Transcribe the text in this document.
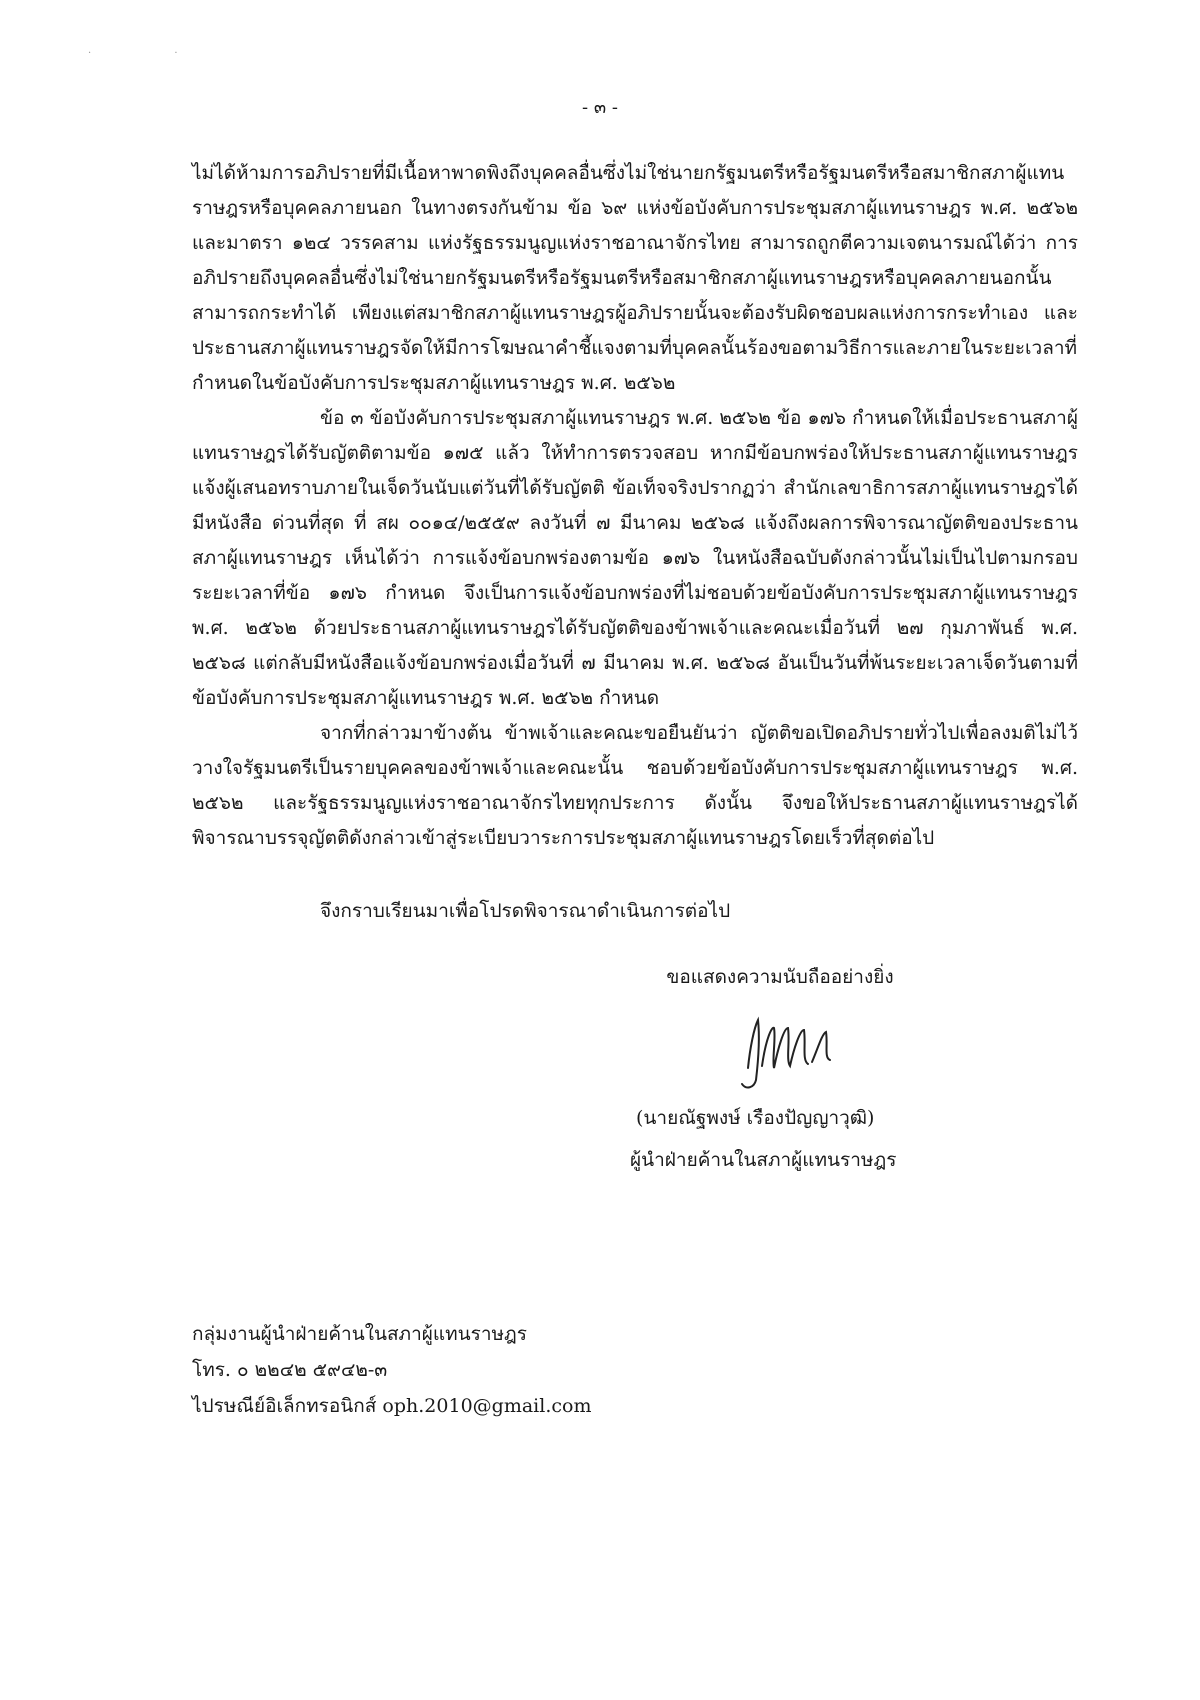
· ·
- ๓ -

ไม่ได้ห้ามการอภิปรายที่มีเนื้อหาพาดพิงถึงบุคคลอื่นซึ่งไม่ใช่นายกรัฐมนตรีหรือรัฐมนตรีหรือสมาชิกสภาผู้แทนราษฎรหรือบุคคลภายนอก ในทางตรงกันข้าม ข้อ ๖๙ แห่งข้อบังคับการประชุมสภาผู้แทนราษฎร พ.ศ. ๒๕๖๒ และมาตรา ๑๒๔ วรรคสาม แห่งรัฐธรรมนูญแห่งราชอาณาจักรไทย สามารถถูกตีความเจตนารมณ์ได้ว่า การอภิปรายถึงบุคคลอื่นซึ่งไม่ใช่นายกรัฐมนตรีหรือรัฐมนตรีหรือสมาชิกสภาผู้แทนราษฎรหรือบุคคลภายนอกนั้น สามารถกระทำได้ เพียงแต่สมาชิกสภาผู้แทนราษฎรผู้อภิปรายนั้นจะต้องรับผิดชอบผลแห่งการกระทำเอง และประธานสภาผู้แทนราษฎรจัดให้มีการโฆษณาคำชี้แจงตามที่บุคคลนั้นร้องขอตามวิธีการและภายในระยะเวลาที่กำหนดในข้อบังคับการประชุมสภาผู้แทนราษฎร พ.ศ. ๒๕๖๒

ข้อ ๓ ข้อบังคับการประชุมสภาผู้แทนราษฎร พ.ศ. ๒๕๖๒ ข้อ ๑๗๖ กำหนดให้เมื่อประธานสภาผู้แทนราษฎรได้รับญัตติตามข้อ ๑๗๕ แล้ว ให้ทำการตรวจสอบ หากมีข้อบกพร่องให้ประธานสภาผู้แทนราษฎรแจ้งผู้เสนอทราบภายในเจ็ดวันนับแต่วันที่ได้รับญัตติ ข้อเท็จจริงปรากฏว่า สำนักเลขาธิการสภาผู้แทนราษฎรได้มีหนังสือ ด่วนที่สุด ที่ สผ ๐๐๑๔/๒๕๕๙ ลงวันที่ ๗ มีนาคม ๒๕๖๘ แจ้งถึงผลการพิจารณาญัตติของประธานสภาผู้แทนราษฎร เห็นได้ว่า การแจ้งข้อบกพร่องตามข้อ ๑๗๖ ในหนังสือฉบับดังกล่าวนั้นไม่เป็นไปตามกรอบระยะเวลาที่ข้อ ๑๗๖ กำหนด จึงเป็นการแจ้งข้อบกพร่องที่ไม่ชอบด้วยข้อบังคับการประชุมสภาผู้แทนราษฎร พ.ศ. ๒๕๖๒ ด้วยประธานสภาผู้แทนราษฎรได้รับญัตติของข้าพเจ้าและคณะเมื่อวันที่ ๒๗ กุมภาพันธ์ พ.ศ. ๒๕๖๘ แต่กลับมีหนังสือแจ้งข้อบกพร่องเมื่อวันที่ ๗ มีนาคม พ.ศ. ๒๕๖๘ อันเป็นวันที่พ้นระยะเวลาเจ็ดวันตามที่ข้อบังคับการประชุมสภาผู้แทนราษฎร พ.ศ. ๒๕๖๒ กำหนด

จากที่กล่าวมาข้างต้น ข้าพเจ้าและคณะขอยืนยันว่า ญัตติขอเปิดอภิปรายทั่วไปเพื่อลงมติไม่ไว้วางใจรัฐมนตรีเป็นรายบุคคลของข้าพเจ้าและคณะนั้น ชอบด้วยข้อบังคับการประชุมสภาผู้แทนราษฎร พ.ศ. ๒๕๖๒ และรัฐธรรมนูญแห่งราชอาณาจักรไทยทุกประการ ดังนั้น จึงขอให้ประธานสภาผู้แทนราษฎรได้พิจารณาบรรจุญัตติดังกล่าวเข้าสู่ระเบียบวาระการประชุมสภาผู้แทนราษฎรโดยเร็วที่สุดต่อไป

จึงกราบเรียนมาเพื่อโปรดพิจารณาดำเนินการต่อไป
ขอแสดงความนับถืออย่างยิ่ง
(นายณัฐพงษ์ เรืองปัญญาวุฒิ)
ผู้นำฝ่ายค้านในสภาผู้แทนราษฎร
กลุ่มงานผู้นำฝ่ายค้านในสภาผู้แทนราษฎร
โทร. ๐ ๒๒๔๒ ๕๙๔๒-๓
ไปรษณีย์อิเล็กทรอนิกส์ oph.2010@gmail.com
